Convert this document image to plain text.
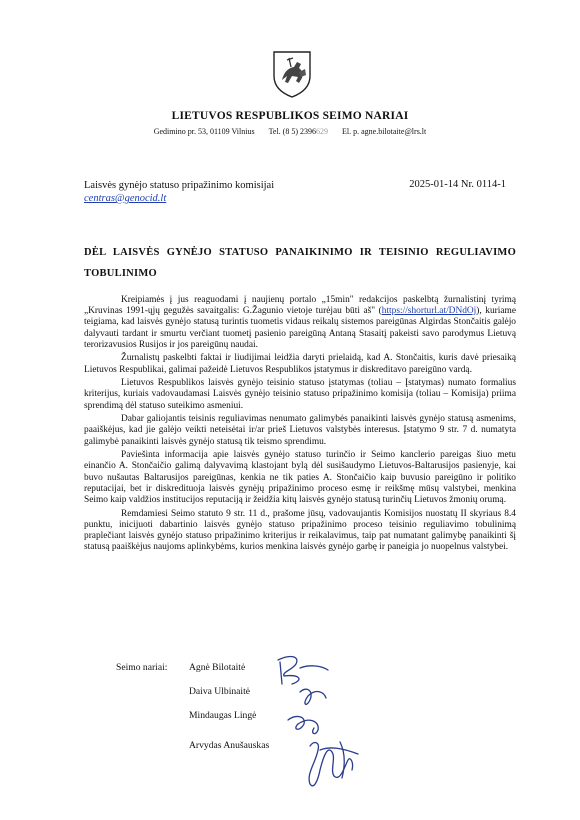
LIETUVOS RESPUBLIKOS SEIMO NARIAI
Gedimino pr. 53, 01109 Vilnius Tel. (8 5) 2396629 El. p. agne.bilotaite@lrs.lt
Laisvės gynėjo statuso pripažinimo komisijai
centras@genocid.lt
2025-01-14 Nr. 0114-1
DĖL LAISVĖS GYNĖJO STATUSO PANAIKINIMO IR TEISINIO REGULIAVIMO TOBULINIMO

Kreipiamės į jus reaguodami į naujienų portalo „15min" redakcijos paskelbtą žurnalistinį tyrimą „Kruvinas 1991-ųjų gegužės savaitgalis: G.Žagunio vietoje turėjau būti aš" (https://shorturl.at/DNdOj), kuriame teigiama, kad laisvės gynėjo statusą turintis tuometis vidaus reikalų sistemos pareigūnas Algirdas Stončaitis galėjo dalyvauti tardant ir smurtu verčiant tuometį pasienio pareigūną Antaną Stasaitį pakeisti savo parodymus Lietuvą terorizavusios Rusijos ir jos pareigūnų naudai.

Žurnalistų paskelbti faktai ir liudijimai leidžia daryti prielaidą, kad A. Stončaitis, kuris davė priesaiką Lietuvos Respublikai, galimai pažeidė Lietuvos Respublikos įstatymus ir diskreditavo pareigūno vardą.

Lietuvos Respublikos laisvės gynėjo teisinio statuso įstatymas (toliau – Įstatymas) numato formalius kriterijus, kuriais vadovaudamasi Laisvės gynėjo teisinio statuso pripažinimo komisija (toliau – Komisija) priima sprendimą dėl statuso suteikimo asmeniui.

Dabar galiojantis teisinis reguliavimas nenumato galimybės panaikinti laisvės gynėjo statusą asmenims, paaiškėjus, kad jie galėjo veikti neteisėtai ir/ar prieš Lietuvos valstybės interesus. Įstatymo 9 str. 7 d. numatyta galimybė panaikinti laisvės gynėjo statusą tik teismo sprendimu.

Paviešinta informacija apie laisvės gynėjo statuso turinčio ir Seimo kanclerio pareigas šiuo metu einančio A. Stončaičio galimą dalyvavimą klastojant bylą dėl susišaudymo Lietuvos-Baltarusijos pasienyje, kai buvo nušautas Baltarusijos pareigūnas, kenkia ne tik paties A. Stončaičio kaip buvusio pareigūno ir politiko reputacijai, bet ir diskredituoja laisvės gynėjų pripažinimo proceso esmę ir reikšmę mūsų valstybei, menkina Seimo kaip valdžios institucijos reputaciją ir žeidžia kitų laisvės gynėjo statusą turinčių Lietuvos žmonių orumą.

Remdamiesi Seimo statuto 9 str. 11 d., prašome jūsų, vadovaujantis Komisijos nuostatų II skyriaus 8.4 punktu, inicijuoti dabartinio laisvės gynėjo statuso pripažinimo proceso teisinio reguliavimo tobulinimą praplečiant laisvės gynėjo statuso pripažinimo kriterijus ir reikalavimus, taip pat numatant galimybę panaikinti šį statusą paaiškėjus naujoms aplinkybėms, kurios menkina laisvės gynėjo garbę ir paneigia jo nuopelnus valstybei.

Seimo nariai: Agnė Bilotaitė
Daiva Ulbinaitė
Mindaugas Lingė
Arvydas Anušauskas
